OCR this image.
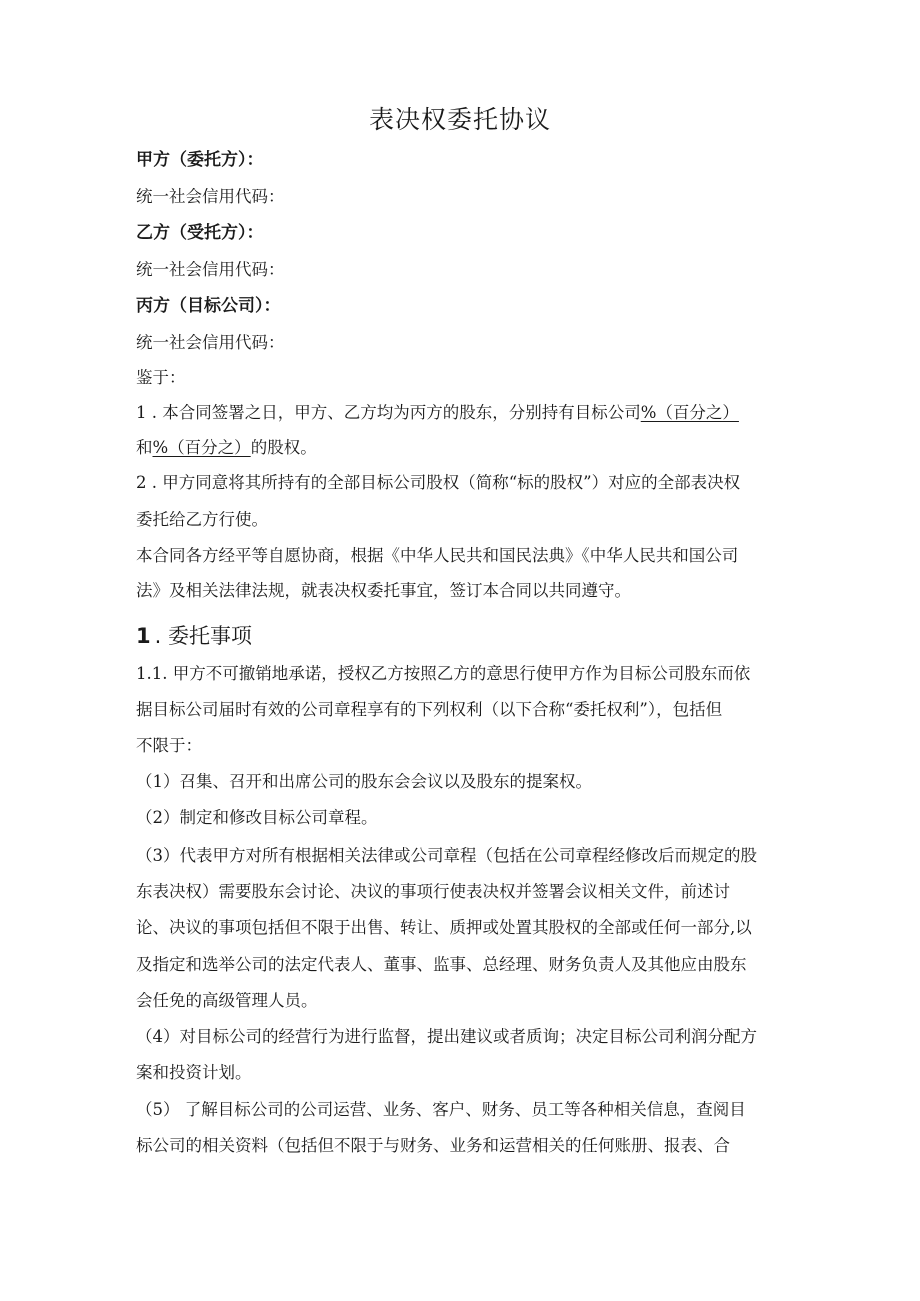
表决权委托协议
甲方（委托方）：
统一社会信用代码：
乙方（受托方）：
统一社会信用代码：
丙方（目标公司）：
统一社会信用代码：
鉴于：
1 . 本合同签署之日，甲方、乙方均为丙方的股东，分别持有目标公司%（百分之）
和%（百分之）的股权。
2 . 甲方同意将其所持有的全部目标公司股权（简称“标的股权”）对应的全部表决权
委托给乙方行使。
本合同各方经平等自愿协商，根据《中华人民共和国民法典》《中华人民共和国公司
法》及相关法律法规，就表决权委托事宜，签订本合同以共同遵守。
1 . 委托事项
1.1. 甲方不可撤销地承诺，授权乙方按照乙方的意思行使甲方作为目标公司股东而依
据目标公司届时有效的公司章程享有的下列权利（以下合称“委托权利”），包括但
不限于：
（1）召集、召开和出席公司的股东会会议以及股东的提案权。
（2）制定和修改目标公司章程。
（3）代表甲方对所有根据相关法律或公司章程（包括在公司章程经修改后而规定的股
东表决权）需要股东会讨论、决议的事项行使表决权并签署会议相关文件，前述讨
论、决议的事项包括但不限于出售、转让、质押或处置其股权的全部或任何一部分,以
及指定和选举公司的法定代表人、董事、监事、总经理、财务负责人及其他应由股东
会任免的高级管理人员。
（4）对目标公司的经营行为进行监督，提出建议或者质询；决定目标公司利润分配方
案和投资计划。
（5） 了解目标公司的公司运营、业务、客户、财务、员工等各种相关信息，查阅目
标公司的相关资料（包括但不限于与财务、业务和运营相关的任何账册、报表、合
